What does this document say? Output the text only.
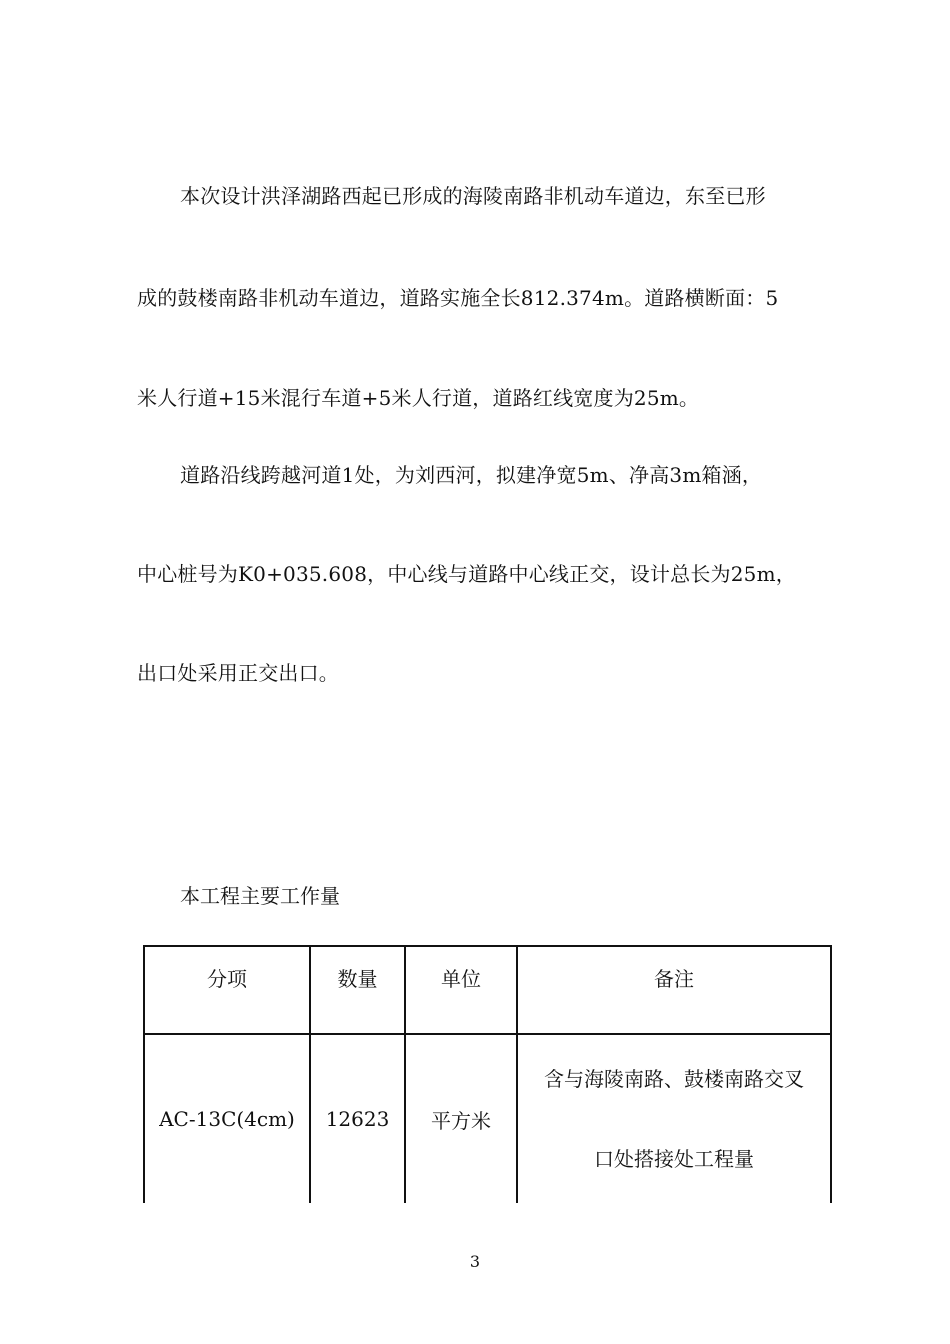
本次设计洪泽湖路西起已形成的海陵南路非机动车道边，东至已形
成的鼓楼南路非机动车道边，道路实施全长812.374m。道路横断面：5
米人行道+15米混行车道+5米人行道，道路红线宽度为25m。
道路沿线跨越河道1处，为刘西河，拟建净宽5m、净高3m箱涵，
中心桩号为K0+035.608，中心线与道路中心线正交，设计总长为25m，
出口处采用正交出口。
本工程主要工作量
分项	数量	单位	备注
AC-13C(4cm)	12623	平方米	含与海陵南路、鼓楼南路交叉
口处搭接处工程量
3
